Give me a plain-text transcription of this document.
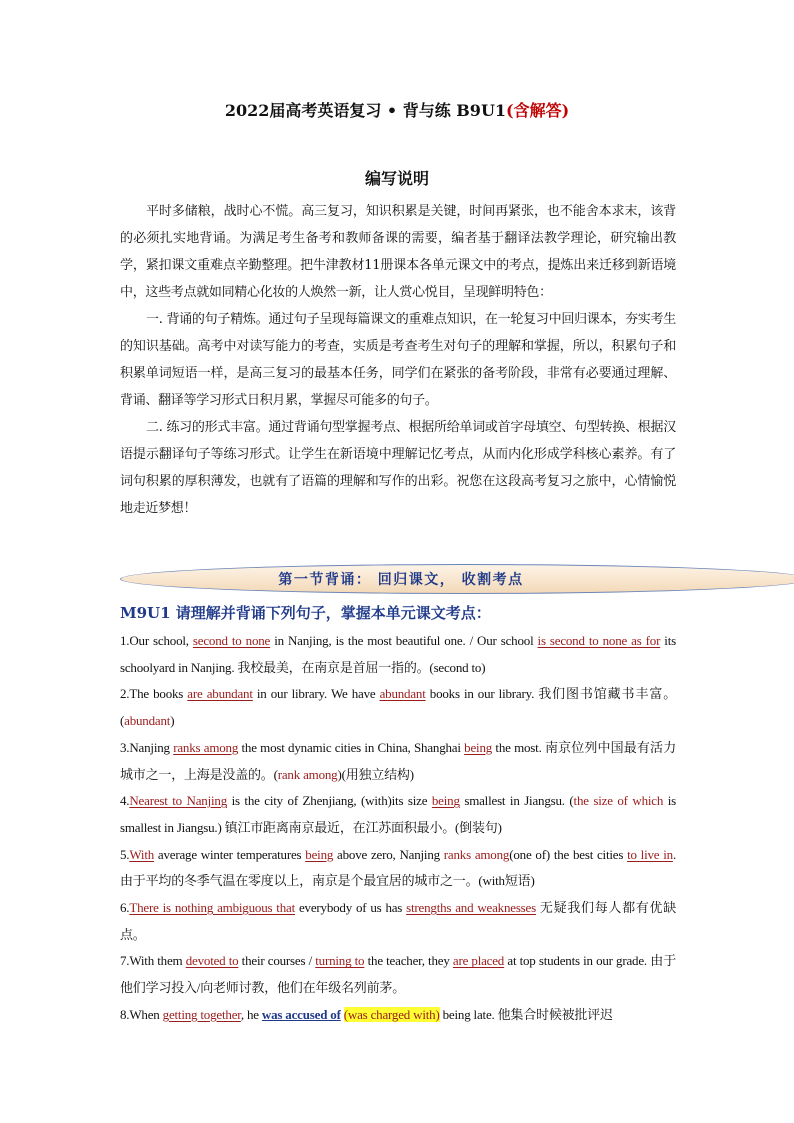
2022届高考英语复习 • 背与练 B9U1(含解答)
编写说明

平时多储粮，战时心不慌。高三复习，知识积累是关键，时间再紧张，也不能舍本求末，该背的必须扎实地背诵。为满足考生备考和教师备课的需要，编者基于翻译法教学理论，研究输出教学，紧扣课文重难点辛勤整理。把牛津教材11册课本各单元课文中的考点，提炼出来迁移到新语境中，这些考点就如同精心化妆的人焕然一新，让人赏心悦目，呈现鲜明特色：

一. 背诵的句子精炼。通过句子呈现每篇课文的重难点知识，在一轮复习中回归课本，夯实考生的知识基础。高考中对读写能力的考查，实质是考查考生对句子的理解和掌握，所以，积累句子和积累单词短语一样，是高三复习的最基本任务，同学们在紧张的备考阶段，非常有必要通过理解、背诵、翻译等学习形式日积月累，掌握尽可能多的句子。

二. 练习的形式丰富。通过背诵句型掌握考点、根据所给单词或首字母填空、句型转换、根据汉语提示翻译句子等练习形式。让学生在新语境中理解记忆考点，从而内化形成学科核心素养。有了词句积累的厚积薄发，也就有了语篇的理解和写作的出彩。祝您在这段高考复习之旅中，心情愉悦地走近梦想！

第一节背诵： 回归课文， 收割考点
M9U1 请理解并背诵下列句子，掌握本单元课文考点：

1.Our school, second to none in Nanjing, is the most beautiful one. / Our school is second to none as for its schoolyard in Nanjing. 我校最美，在南京是首屈一指的。(second to)

2.The books are abundant in our library. We have abundant books in our library. 我们图书馆藏书丰富。(abundant)

3.Nanjing ranks among the most dynamic cities in China, Shanghai being the most. 南京位列中国最有活力城市之一，上海是没盖的。(rank among)(用独立结构)

4.Nearest to Nanjing is the city of Zhenjiang, (with)its size being smallest in Jiangsu. (the size of which is smallest in Jiangsu.) 镇江市距离南京最近，在江苏面积最小。(倒装句)

5.With average winter temperatures being above zero, Nanjing ranks among(one of) the best cities to live in. 由于平均的冬季气温在零度以上，南京是个最宜居的城市之一。(with短语)

6.There is nothing ambiguous that everybody of us has strengths and weaknesses 无疑我们每人都有优缺点。

7.With them devoted to their courses / turning to the teacher, they are placed at top students in our grade. 由于他们学习投入/向老师讨教，他们在年级名列前茅。

8.When getting together, he was accused of (was charged with) being late. 他集合时候被批评迟
